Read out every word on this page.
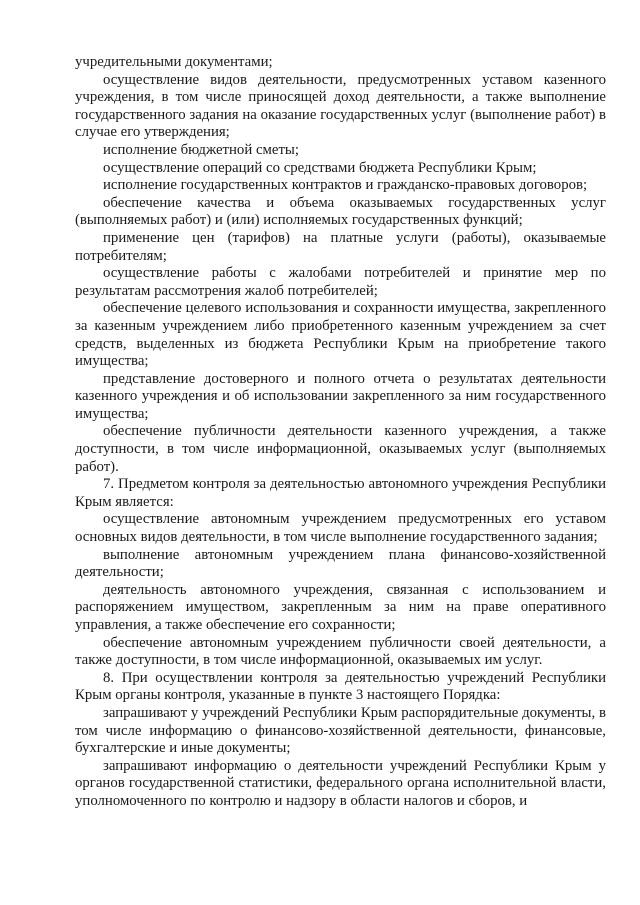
учредительными документами;

осуществление видов деятельности, предусмотренных уставом казенного учреждения, в том числе приносящей доход деятельности, а также выполнение государственного задания на оказание государственных услуг (выполнение работ) в случае его утверждения;

исполнение бюджетной сметы;

осуществление операций со средствами бюджета Республики Крым;

исполнение государственных контрактов и гражданско-правовых договоров;

обеспечение качества и объема оказываемых государственных услуг (выполняемых работ) и (или) исполняемых государственных функций;

применение цен (тарифов) на платные услуги (работы), оказываемые потребителям;

осуществление работы с жалобами потребителей и принятие мер по результатам рассмотрения жалоб потребителей;

обеспечение целевого использования и сохранности имущества, закрепленного за казенным учреждением либо приобретенного казенным учреждением за счет средств, выделенных из бюджета Республики Крым на приобретение такого имущества;

представление достоверного и полного отчета о результатах деятельности казенного учреждения и об использовании закрепленного за ним государственного имущества;

обеспечение публичности деятельности казенного учреждения, а также доступности, в том числе информационной, оказываемых услуг (выполняемых работ).

7. Предметом контроля за деятельностью автономного учреждения Республики Крым является:

осуществление автономным учреждением предусмотренных его уставом основных видов деятельности, в том числе выполнение государственного задания;

выполнение автономным учреждением плана финансово-хозяйственной деятельности;

деятельность автономного учреждения, связанная с использованием и распоряжением имуществом, закрепленным за ним на праве оперативного управления, а также обеспечение его сохранности;

обеспечение автономным учреждением публичности своей деятельности, а также доступности, в том числе информационной, оказываемых им услуг.

8. При осуществлении контроля за деятельностью учреждений Республики Крым органы контроля, указанные в пункте 3 настоящего Порядка:

запрашивают у учреждений Республики Крым распорядительные документы, в том числе информацию о финансово-хозяйственной деятельности, финансовые, бухгалтерские и иные документы;

запрашивают информацию о деятельности учреждений Республики Крым у органов государственной статистики, федерального органа исполнительной власти, уполномоченного по контролю и надзору в области налогов и сборов, и
